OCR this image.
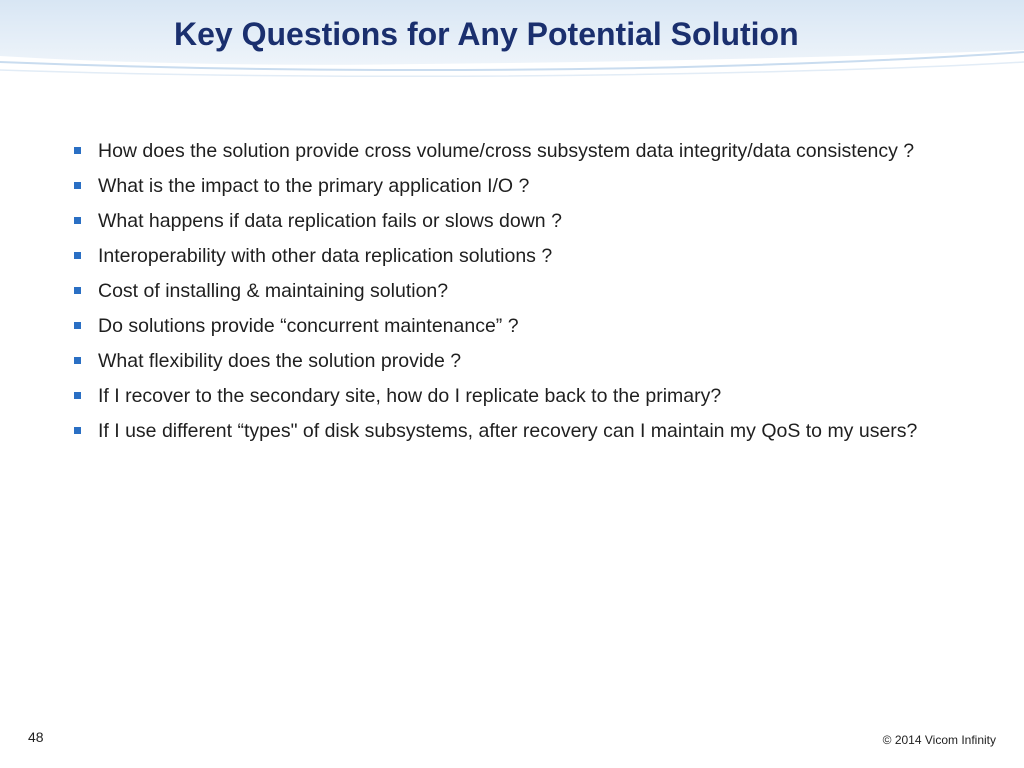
Key Questions for Any Potential Solution
How does the solution provide cross volume/cross subsystem data integrity/data consistency ?
What is the impact to the primary application I/O ?
What happens if data replication fails or slows down ?
Interoperability with other data replication solutions ?
Cost of installing & maintaining solution?
Do solutions provide “concurrent maintenance” ?
What flexibility does the solution provide ?
If I recover to the secondary site, how do I replicate back to the primary?
If I use different “types" of disk subsystems, after recovery can I maintain my QoS to my users?
48	© 2014 Vicom Infinity
